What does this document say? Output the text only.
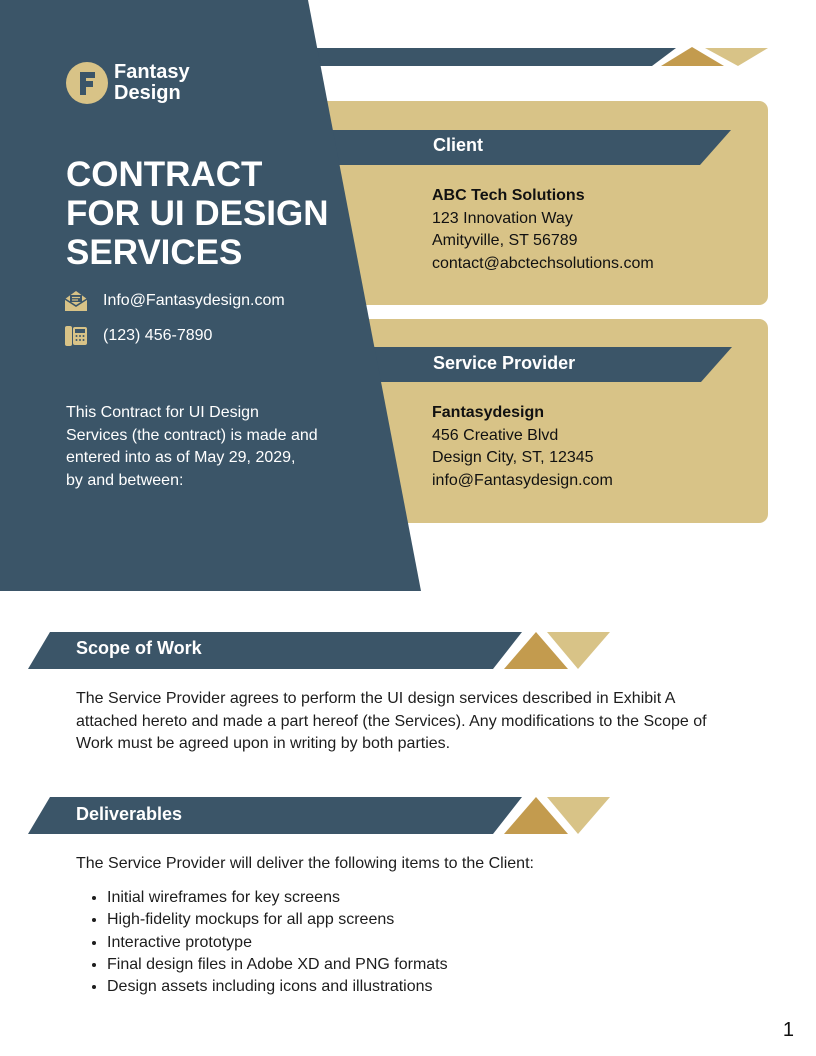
Fantasy
Design
CONTRACT
FOR UI DESIGN
SERVICES
Info@Fantasydesign.com
(123) 456-7890
This Contract for UI Design
Services (the contract) is made and
entered into as of May 29, 2029,
by and between:
Client
ABC Tech Solutions
123 Innovation Way
Amityville, ST 56789
contact@abctechsolutions.com
Service Provider
Fantasydesign
456 Creative Blvd
Design City, ST, 12345
info@Fantasydesign.com
Scope of Work
The Service Provider agrees to perform the UI design services described in Exhibit A
attached hereto and made a part hereof (the Services). Any modifications to the Scope of
Work must be agreed upon in writing by both parties.
Deliverables
The Service Provider will deliver the following items to the Client:
• Initial wireframes for key screens
• High-fidelity mockups for all app screens
• Interactive prototype
• Final design files in Adobe XD and PNG formats
• Design assets including icons and illustrations
1
